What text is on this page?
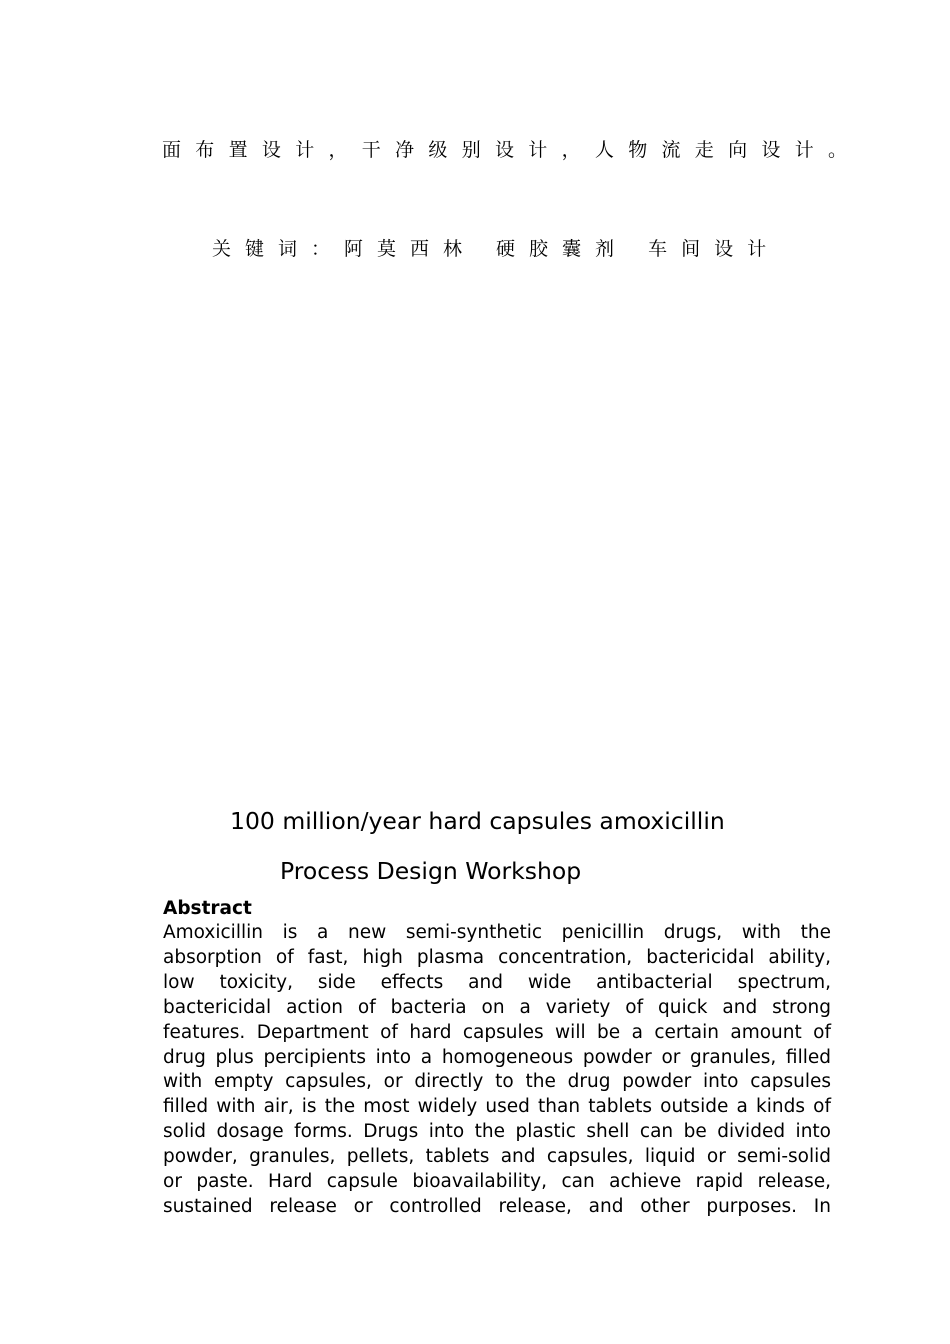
面布置设计，干净级别设计，人物流走向设计。
关键词：阿莫西林 硬胶囊剂 车间设计
100 million/year hard capsules amoxicillin
Process Design Workshop
Abstract
Amoxicillin is a new semi-synthetic penicillin drugs, with the
absorption of fast, high plasma concentration, bactericidal ability,
low toxicity, side effects and wide antibacterial spectrum,
bactericidal action of bacteria on a variety of quick and strong
features. Department of hard capsules will be a certain amount of
drug plus percipients into a homogeneous powder or granules, filled
with empty capsules, or directly to the drug powder into capsules
filled with air, is the most widely used than tablets outside a kinds of
solid dosage forms. Drugs into the plastic shell can be divided into
powder, granules, pellets, tablets and capsules, liquid or semi-solid
or paste. Hard capsule bioavailability, can achieve rapid release,
sustained release or controlled release, and other purposes. In
